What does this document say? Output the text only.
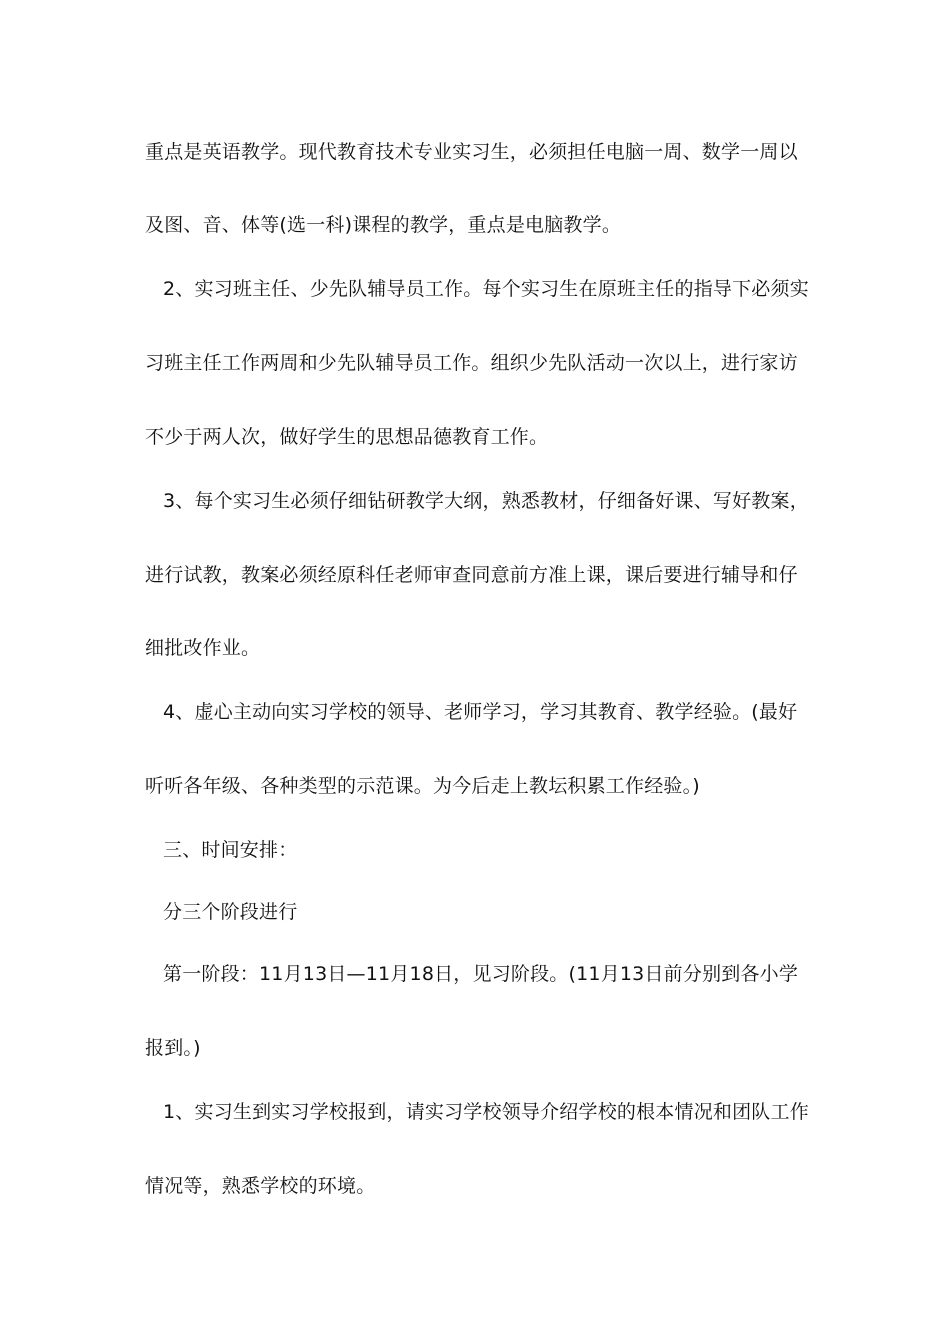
重点是英语教学。现代教育技术专业实习生，必须担任电脑一周、数学一周以
及图、音、体等(选一科)课程的教学，重点是电脑教学。
2、实习班主任、少先队辅导员工作。每个实习生在原班主任的指导下必须实
习班主任工作两周和少先队辅导员工作。组织少先队活动一次以上，进行家访
不少于两人次，做好学生的思想品德教育工作。
3、每个实习生必须仔细钻研教学大纲，熟悉教材，仔细备好课、写好教案，
进行试教，教案必须经原科任老师审查同意前方准上课，课后要进行辅导和仔
细批改作业。
4、虚心主动向实习学校的领导、老师学习，学习其教育、教学经验。(最好
听听各年级、各种类型的示范课。为今后走上教坛积累工作经验。)
三、时间安排：
分三个阶段进行
第一阶段：11月13日—11月18日，见习阶段。(11月13日前分别到各小学
报到。)
1、实习生到实习学校报到，请实习学校领导介绍学校的根本情况和团队工作
情况等，熟悉学校的环境。
